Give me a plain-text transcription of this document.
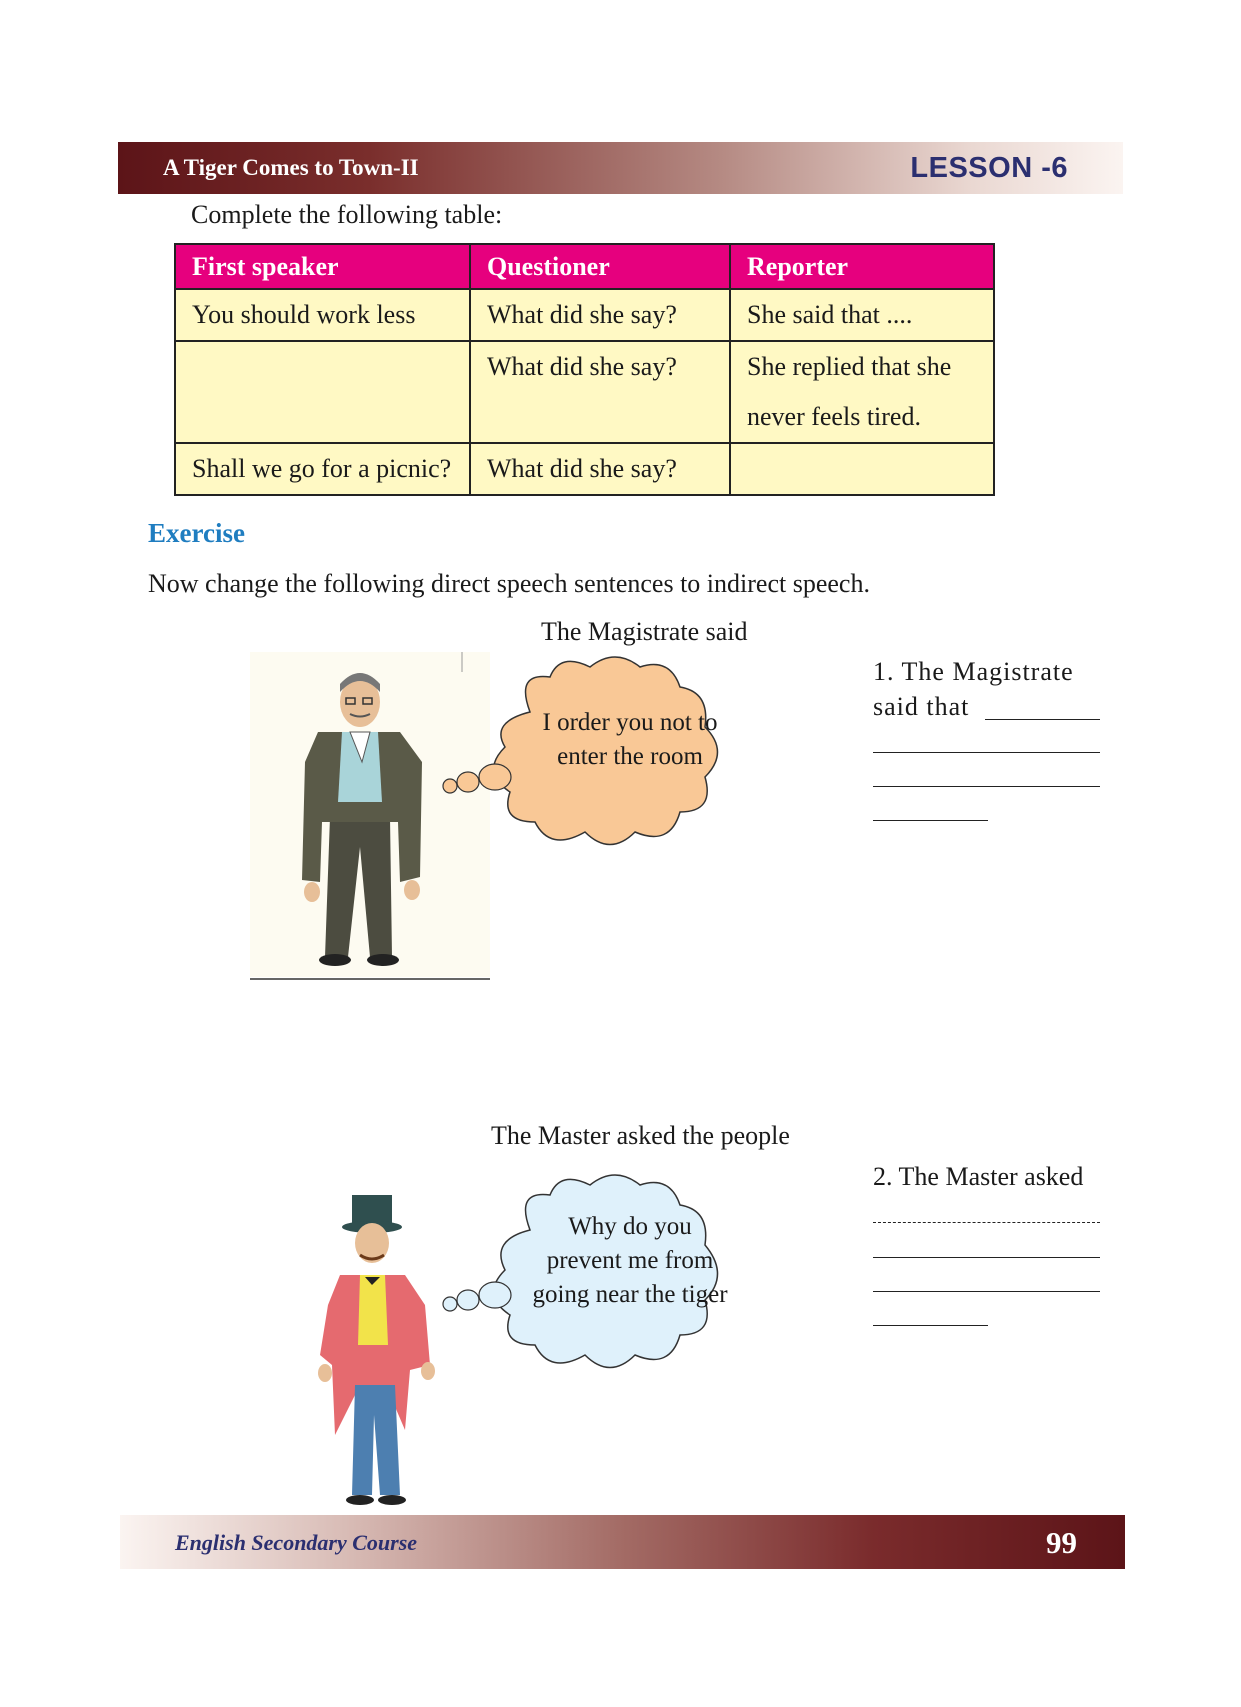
A Tiger Comes to Town-II	LESSON -6
Complete the following table:
First speaker	Questioner	Reporter
You should work less	What did she say?	She said that ....
	What did she say?	She replied that she never feels tired.
Shall we go for a picnic?	What did she say?	
Exercise
Now change the following direct speech sentences to indirect speech.
The Magistrate said
I order you not to enter the room
1. The Magistrate
said that
The Master asked the people
Why do you prevent me from going near the tiger
2. The Master asked
English Secondary Course	99
